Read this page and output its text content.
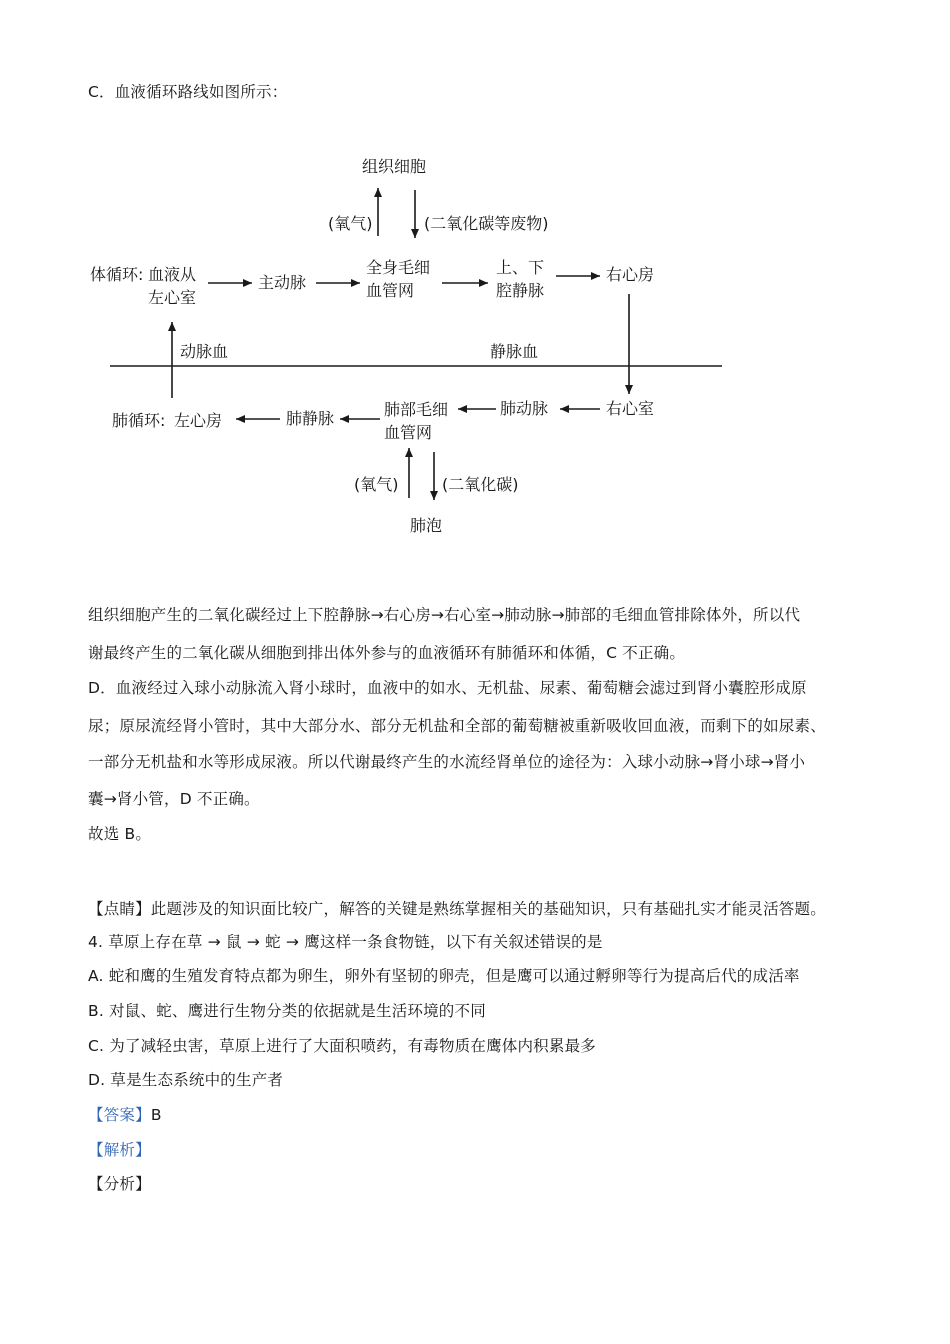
C．血液循环路线如图所示：
组织细胞
(氧气)	(二氧化碳等废物)
体循环: 血液从
左心室
主动脉
全身毛细
血管网
上、下
腔静脉
右心房
动脉血	静脉血
肺循环: 左心房	肺静脉	肺部毛细
血管网
肺动脉	右心室
(氧气)	(二氧化碳)
肺泡
组织细胞产生的二氧化碳经过上下腔静脉→右心房→右心室→肺动脉→肺部的毛细血管排除体外，所以代
谢最终产生的二氧化碳从细胞到排出体外参与的血液循环有肺循环和体循，C 不正确。
D．血液经过入球小动脉流入肾小球时，血液中的如水、无机盐、尿素、葡萄糖会滤过到肾小囊腔形成原
尿；原尿流经肾小管时，其中大部分水、部分无机盐和全部的葡萄糖被重新吸收回血液，而剩下的如尿素、
一部分无机盐和水等形成尿液。所以代谢最终产生的水流经肾单位的途径为：入球小动脉→肾小球→肾小
囊→肾小管，D 不正确。
故选 B。
【点睛】此题涉及的知识面比较广，解答的关键是熟练掌握相关的基础知识，只有基础扎实才能灵活答题。
4. 草原上存在草 → 鼠 → 蛇 → 鹰这样一条食物链，以下有关叙述错误的是
A. 蛇和鹰的生殖发育特点都为卵生，卵外有坚韧的卵壳，但是鹰可以通过孵卵等行为提高后代的成活率
B. 对鼠、蛇、鹰进行生物分类的依据就是生活环境的不同
C. 为了减轻虫害，草原上进行了大面积喷药，有毒物质在鹰体内积累最多
D. 草是生态系统中的生产者
【答案】B
【解析】
【分析】
